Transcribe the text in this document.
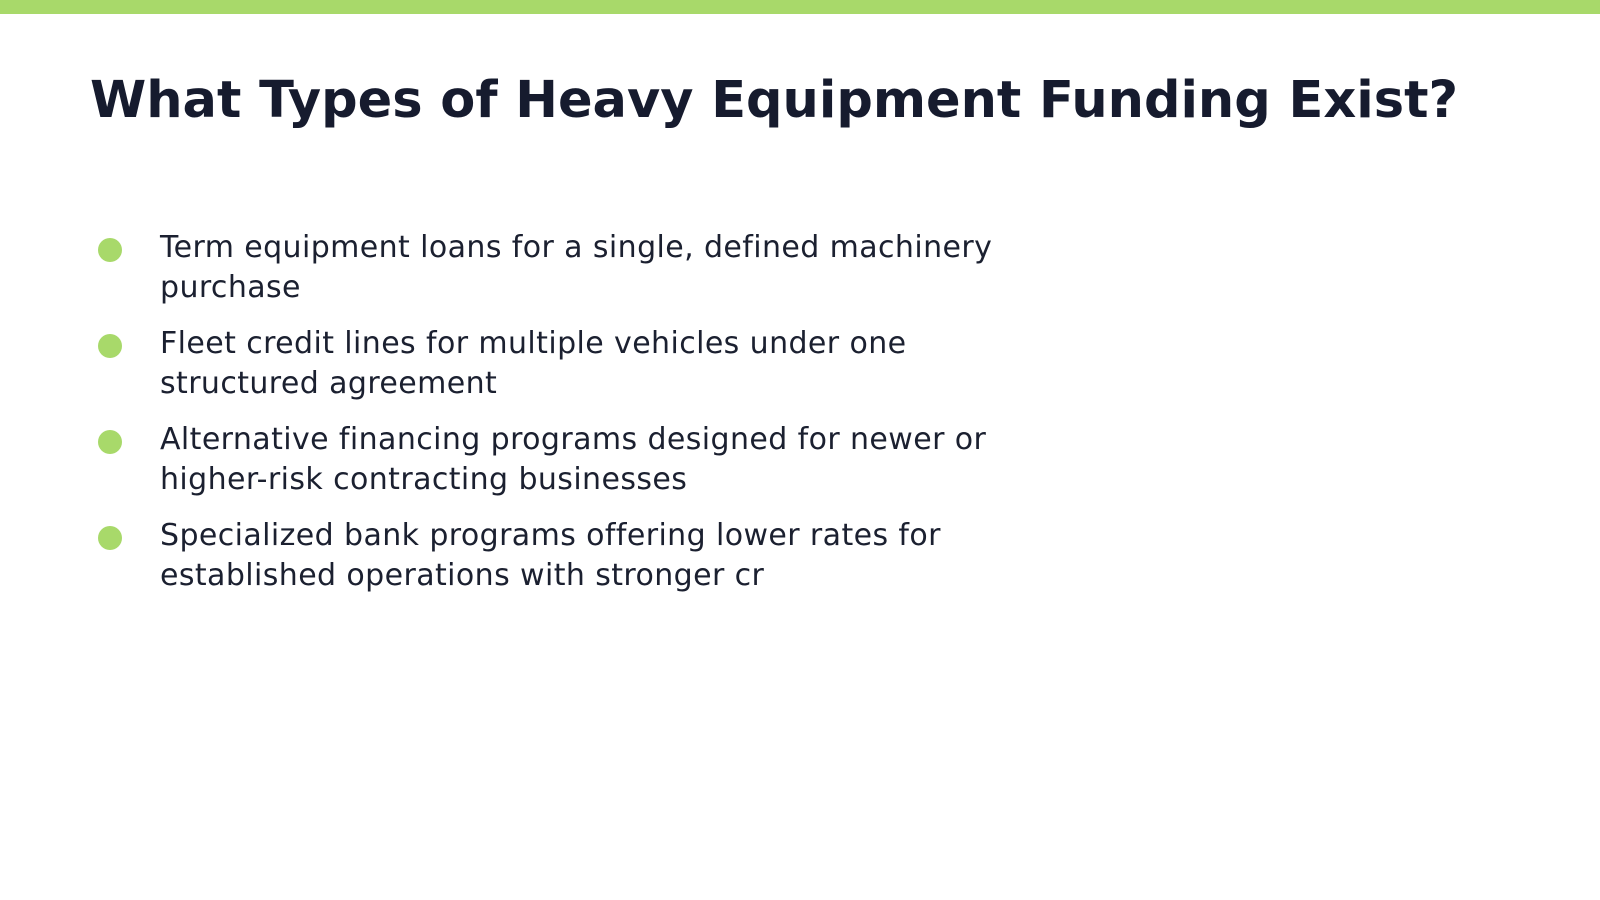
What Types of Heavy Equipment Funding Exist?
Term equipment loans for a single, defined machinery purchase
Fleet credit lines for multiple vehicles under one structured agreement
Alternative financing programs designed for newer or higher-risk contracting businesses
Specialized bank programs offering lower rates for established operations with stronger cr
